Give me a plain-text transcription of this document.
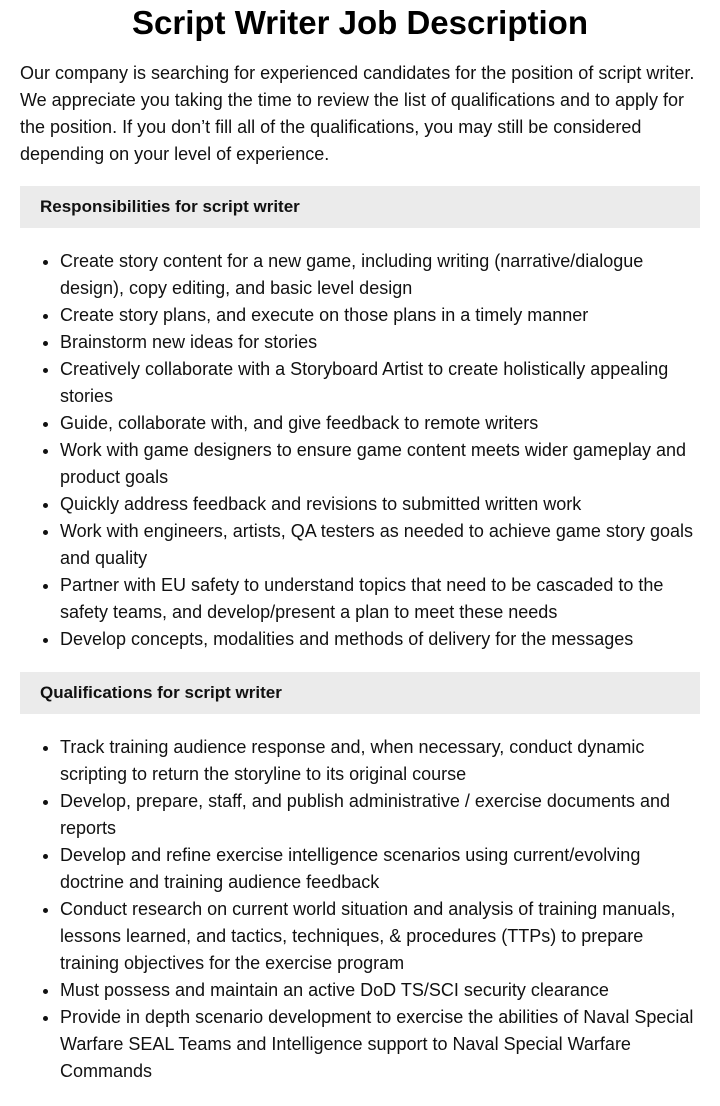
Script Writer Job Description

Our company is searching for experienced candidates for the position of script writer. We appreciate you taking the time to review the list of qualifications and to apply for the position. If you don’t fill all of the qualifications, you may still be considered depending on your level of experience.

Responsibilities for script writer
• Create story content for a new game, including writing (narrative/dialogue design), copy editing, and basic level design
• Create story plans, and execute on those plans in a timely manner
• Brainstorm new ideas for stories
• Creatively collaborate with a Storyboard Artist to create holistically appealing stories
• Guide, collaborate with, and give feedback to remote writers
• Work with game designers to ensure game content meets wider gameplay and product goals
• Quickly address feedback and revisions to submitted written work
• Work with engineers, artists, QA testers as needed to achieve game story goals and quality
• Partner with EU safety to understand topics that need to be cascaded to the safety teams, and develop/present a plan to meet these needs
• Develop concepts, modalities and methods of delivery for the messages
Qualifications for script writer
• Track training audience response and, when necessary, conduct dynamic scripting to return the storyline to its original course
• Develop, prepare, staff, and publish administrative / exercise documents and reports
• Develop and refine exercise intelligence scenarios using current/evolving doctrine and training audience feedback
• Conduct research on current world situation and analysis of training manuals, lessons learned, and tactics, techniques, & procedures (TTPs) to prepare training objectives for the exercise program
• Must possess and maintain an active DoD TS/SCI security clearance
• Provide in depth scenario development to exercise the abilities of Naval Special Warfare SEAL Teams and Intelligence support to Naval Special Warfare Commands
